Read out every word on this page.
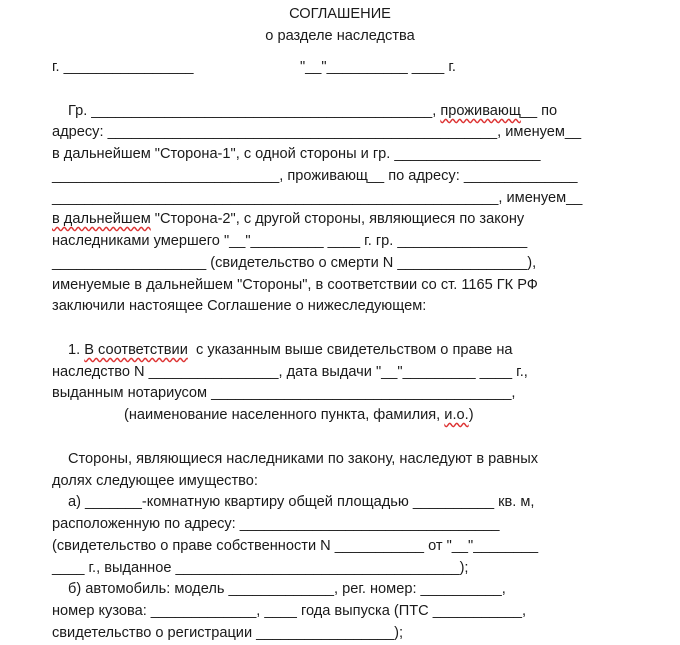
СОГЛАШЕНИЕ
о разделе наследства
г. ________________	"__"__________ ____ г.
Гр. __________________________________________, проживающ__ по
адресу: ________________________________________________, именуем__
в дальнейшем "Сторона-1", с одной стороны и гр. __________________
____________________________, проживающ__ по адресу: ______________
_______________________________________________________, именуем__
в дальнейшем "Сторона-2", с другой стороны, являющиеся по закону
наследниками умершего "__"_________ ____ г. гр. ________________
___________________ (свидетельство о смерти N ________________),
именуемые в дальнейшем "Стороны", в соответствии со ст. 1165 ГК РФ
заключили настоящее Соглашение о нижеследующем:
1. В соответствии  с указанным выше свидетельством о праве на
наследство N ________________, дата выдачи "__"_________ ____ г.,
выданным нотариусом _____________________________________,
(наименование населенного пункта, фамилия, и.о.)
Стороны, являющиеся наследниками по закону, наследуют в равных
долях следующее имущество:
а) _______-комнатную квартиру общей площадью __________ кв. м,
расположенную по адресу: ________________________________
(свидетельство о праве собственности N ___________ от "__"________
____ г., выданное ___________________________________);
б) автомобиль: модель _____________, рег. номер: __________,
номер кузова: _____________, ____ года выпуска (ПТС ___________,
свидетельство о регистрации _________________);
